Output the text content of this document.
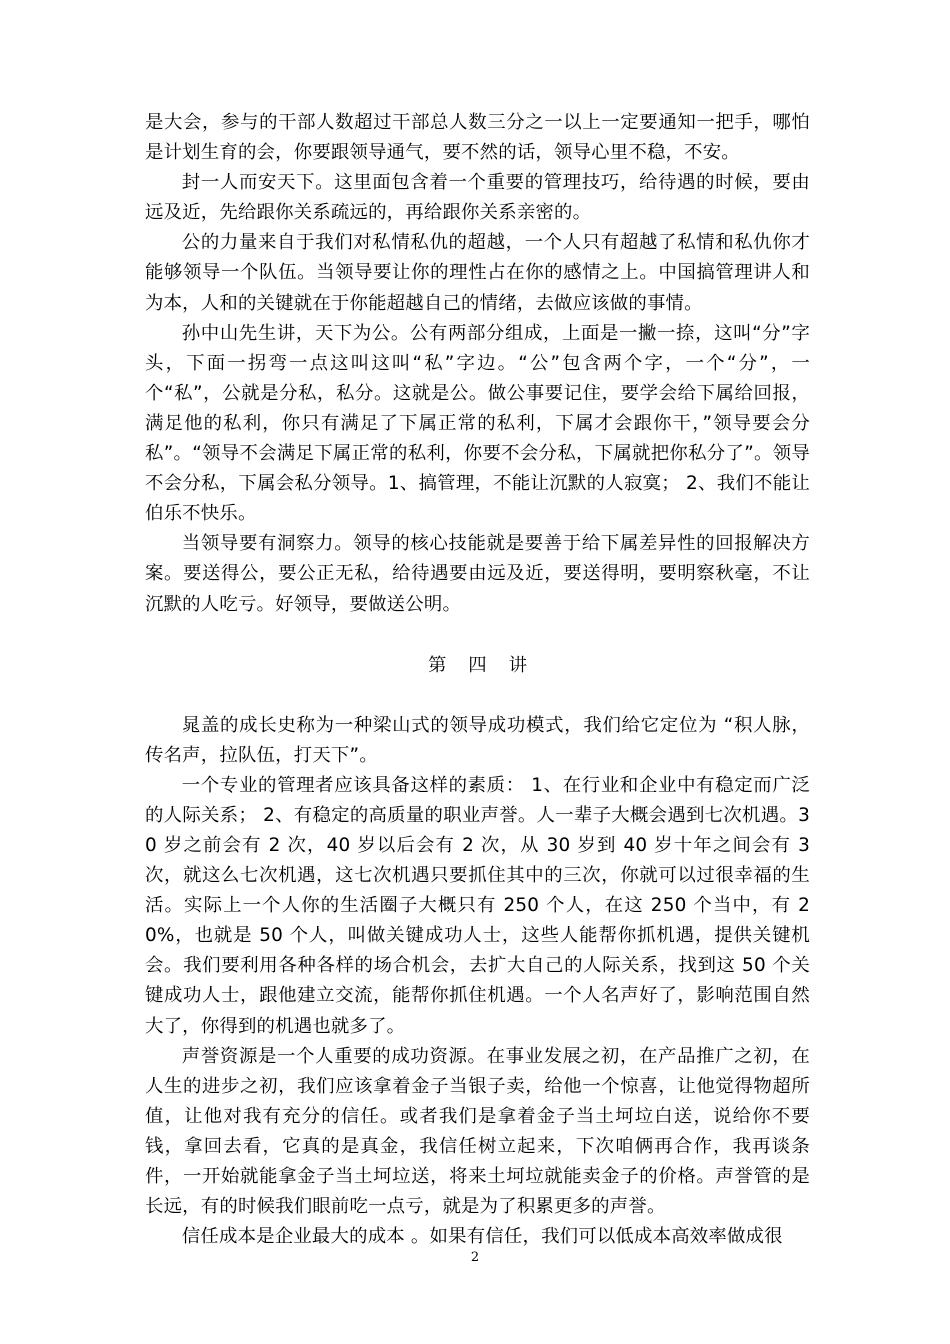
是大会，参与的干部人数超过干部总人数三分之一以上一定要通知一把手，哪怕是计划生育的会，你要跟领导通气，要不然的话，领导心里不稳，不安。

封一人而安天下。这里面包含着一个重要的管理技巧，给待遇的时候，要由远及近，先给跟你关系疏远的，再给跟你关系亲密的。

公的力量来自于我们对私情私仇的超越，一个人只有超越了私情和私仇你才能够领导一个队伍。当领导要让你的理性占在你的感情之上。中国搞管理讲人和为本，人和的关键就在于你能超越自己的情绪，去做应该做的事情。

孙中山先生讲，天下为公。公有两部分组成，上面是一撇一捺，这叫“分”字头，下面一拐弯一点这叫这叫“私”字边。“公”包含两个字，一个“分”，一个“私”，公就是分私，私分。这就是公。做公事要记住，要学会给下属给回报，满足他的私利，你只有满足了下属正常的私利，下属才会跟你干，”领导要会分私”。“领导不会满足下属正常的私利，你要不会分私，下属就把你私分了”。领导不会分私，下属会私分领导。1、搞管理，不能让沉默的人寂寞； 2、我们不能让伯乐不快乐。

当领导要有洞察力。领导的核心技能就是要善于给下属差异性的回报解决方案。要送得公，要公正无私，给待遇要由远及近，要送得明，要明察秋毫，不让沉默的人吃亏。好领导，要做送公明。

第 四 讲

晁盖的成长史称为一种梁山式的领导成功模式，我们给它定位为 “积人脉，传名声，拉队伍，打天下”。

一个专业的管理者应该具备这样的素质： 1、在行业和企业中有稳定而广泛的人际关系； 2、有稳定的高质量的职业声誉。人一辈子大概会遇到七次机遇。30 岁之前会有 2 次，40 岁以后会有 2 次，从 30 岁到 40 岁十年之间会有 3 次，就这么七次机遇，这七次机遇只要抓住其中的三次，你就可以过很幸福的生活。实际上一个人你的生活圈子大概只有 250 个人，在这 250 个当中，有 20%，也就是 50 个人，叫做关键成功人士，这些人能帮你抓机遇，提供关键机会。我们要利用各种各样的场合机会，去扩大自己的人际关系，找到这 50 个关键成功人士，跟他建立交流，能帮你抓住机遇。一个人名声好了，影响范围自然大了，你得到的机遇也就多了。

声誉资源是一个人重要的成功资源。在事业发展之初，在产品推广之初，在人生的进步之初，我们应该拿着金子当银子卖，给他一个惊喜，让他觉得物超所值，让他对我有充分的信任。或者我们是拿着金子当土坷垃白送，说给你不要钱，拿回去看，它真的是真金，我信任树立起来，下次咱俩再合作，我再谈条件，一开始就能拿金子当土坷垃送，将来土坷垃就能卖金子的价格。声誉管的是长远，有的时候我们眼前吃一点亏，就是为了积累更多的声誉。

信任成本是企业最大的成本 。如果有信任，我们可以低成本高效率做成很

2
